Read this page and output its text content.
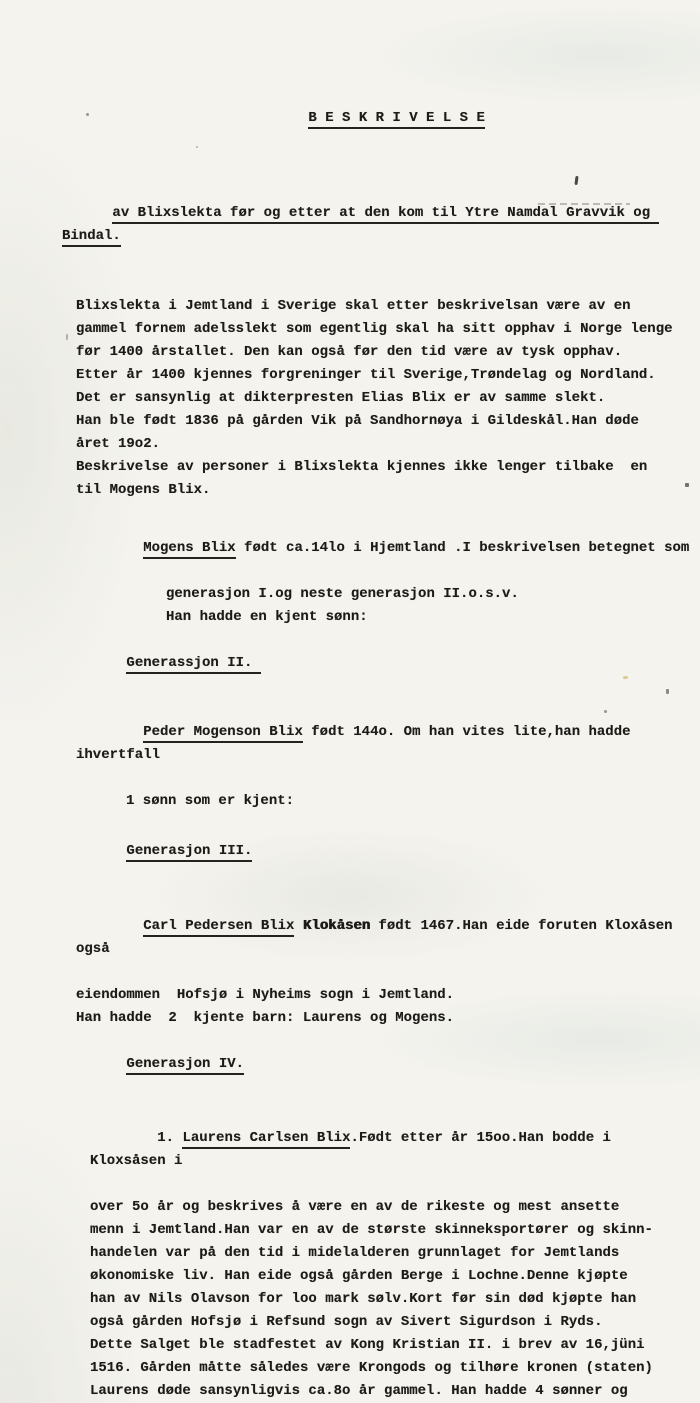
B E S K R I V E L S E

av Blixslekta før og etter at den kom til Ytre Namdal Gravvik og Bindal.

Blixslekta i Jemtland i Sverige skal etter beskrivelsan være av en
gammel fornem adelsslekt som egentlig skal ha sitt opphav i Norge lenge
før 1400 årstallet. Den kan også før den tid være av tysk opphav.
Etter år 1400 kjennes forgreninger til Sverige,Trøndelag og Nordland.
Det er sansynlig at dikterpresten Elias Blix er av samme slekt.
Han ble født 1836 på gården Vik på Sandhornøya i Gildeskål.Han døde
året 19o2.
Beskrivelse av personer i Blixslekta kjennes ikke lenger tilbake  en
til Mogens Blix.

Mogens Blix født ca.14lo i Hjemtland .I beskrivelsen betegnet som

generasjon I.og neste generasjon II.o.s.v.
Han hadde en kjent sønn:

Generassjon II.

Peder Mogenson Blix født 144o. Om han vites lite,han hadde ihvertfall

1 sønn som er kjent:

Generasjon III.

Carl Pedersen Blix Klokåsen født 1467.Han eide foruten Kloxåsen også

eiendommen  Hofsjø i Nyheims sogn i Jemtland.
Han hadde  2  kjente barn: Laurens og Mogens.

Generasjon IV.

1. Laurens Carlsen Blix.Født etter år 15oo.Han bodde i Kloxsåsen i

over 5o år og beskrives å være en av de rikeste og mest ansette
menn i Jemtland.Han var en av de største skinneksportører og skinn-
handelen var på den tid i midelalderen grunnlaget for Jemtlands
økonomiske liv. Han eide også gården Berge i Lochne.Denne kjøpte
han av Nils Olavson for loo mark sølv.Kort før sin død kjøpte han
også gården Hofsjø i Refsund sogn av Sivert Sigurdson i Ryds.
Dette Salget ble stadfestet av Kong Kristian II. i brev av 16,jüni
1516. Gården måtte således være Krongods og tilhøre kronen (staten)
Laurens døde sansynligvis ca.8o år gammel. Han hadde 4 sønner og
